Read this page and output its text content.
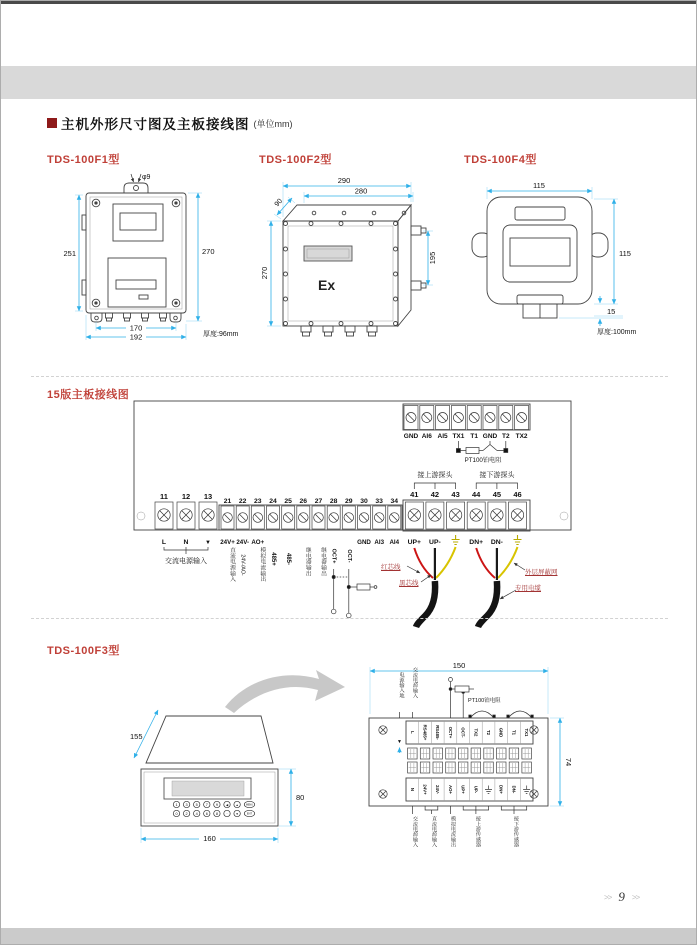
主机外形尺寸图及主板接线图 (单位mm)
TDS-100F1型	TDS-100F2型	TDS-100F4型
φ9
251	270
170
192	厚度:96mm
Ex
290
280
90
270
195
115
115
15
厚度:100mm
15版主板接线图
GND AI6 AI5 TX1 T1 GND T2 TX2
PT100铂电阻
接上游探头	接下游探头
11 12 13
21 22 23 24 25 26 27 28 29 30 33 34
41 42 43 44 45 46
L	N	▼ 24V+ 24V- AO+
485+ 485-	OCT+ OCT-
24V-/AO-
GND AI3 AI4 UP+ UP-	DN+ DN-
交流电源输入	直流电源输入	模拟电流输出	继电器输出	继电器输出	红芯线
黑芯线
外层屏蔽网
专用电缆
TDS-100F3型
1 3 5 7 9	◀ ▲	MENU
0 2 4 6 8 ·	▼	ENT
155
80
160
150
74
L RS485+ RS485- OCT+ OCT- TX2 T2 GND T1 TX1
N 24V+ 24V- AO+ UP+ UP-	DN+ DN-
▼
PT100铂电阻
电源输入地	交流电源输入
交流电源输入	直流电源输入	模拟电流输出	接上游传感器	接下游传感器
>> 9 >>
